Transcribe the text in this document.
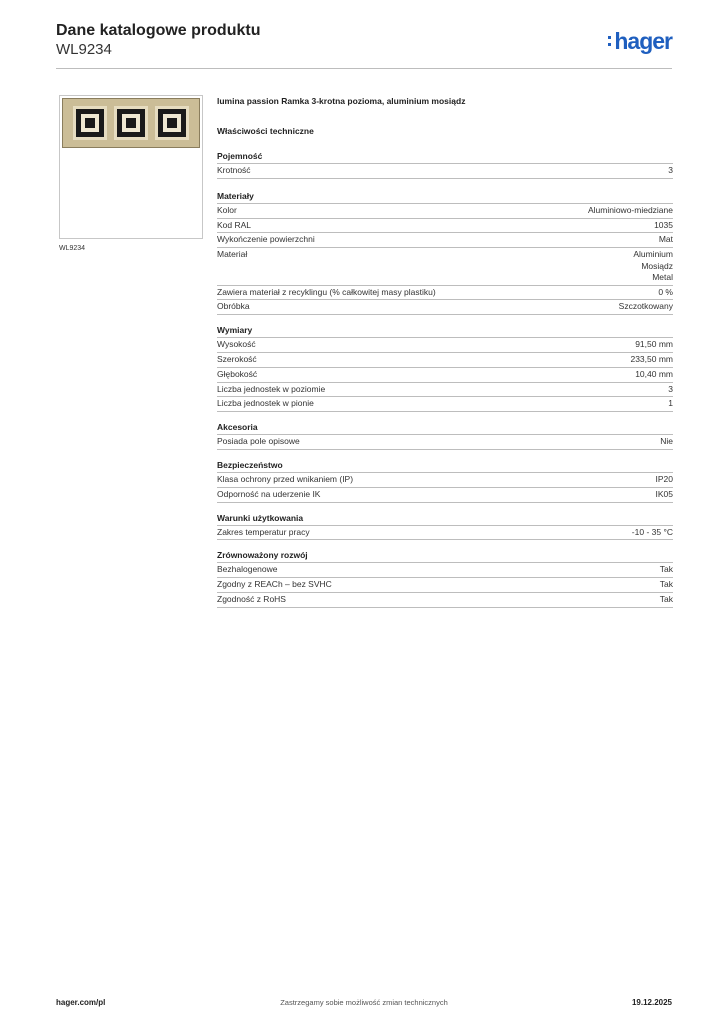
Dane katalogowe produktu
WL9234	hager
WL9234
lumina passion Ramka 3-krotna pozioma, aluminium mosiądz
Właściwości techniczne
Pojemność
Krotność	3
Materiały
Kolor	Aluminiowo-miedziane
Kod RAL	1035
Wykończenie powierzchni	Mat
Materiał	Aluminium
Mosiądz
Metal
Zawiera materiał z recyklingu (% całkowitej masy plastiku)	0 %
Obróbka	Szczotkowany
Wymiary
Wysokość	91,50 mm
Szerokość	233,50 mm
Głębokość	10,40 mm
Liczba jednostek w poziomie	3
Liczba jednostek w pionie	1
Akcesoria
Posiada pole opisowe	Nie
Bezpieczeństwo
Klasa ochrony przed wnikaniem (IP)	IP20
Odporność na uderzenie IK	IK05
Warunki użytkowania
Zakres temperatur pracy	-10 - 35 °C
Zrównoważony rozwój
Bezhalogenowe	Tak
Zgodny z REACh – bez SVHC	Tak
Zgodność z RoHS	Tak
hager.com/pl	Zastrzegamy sobie możliwość zmian technicznych	19.12.2025
